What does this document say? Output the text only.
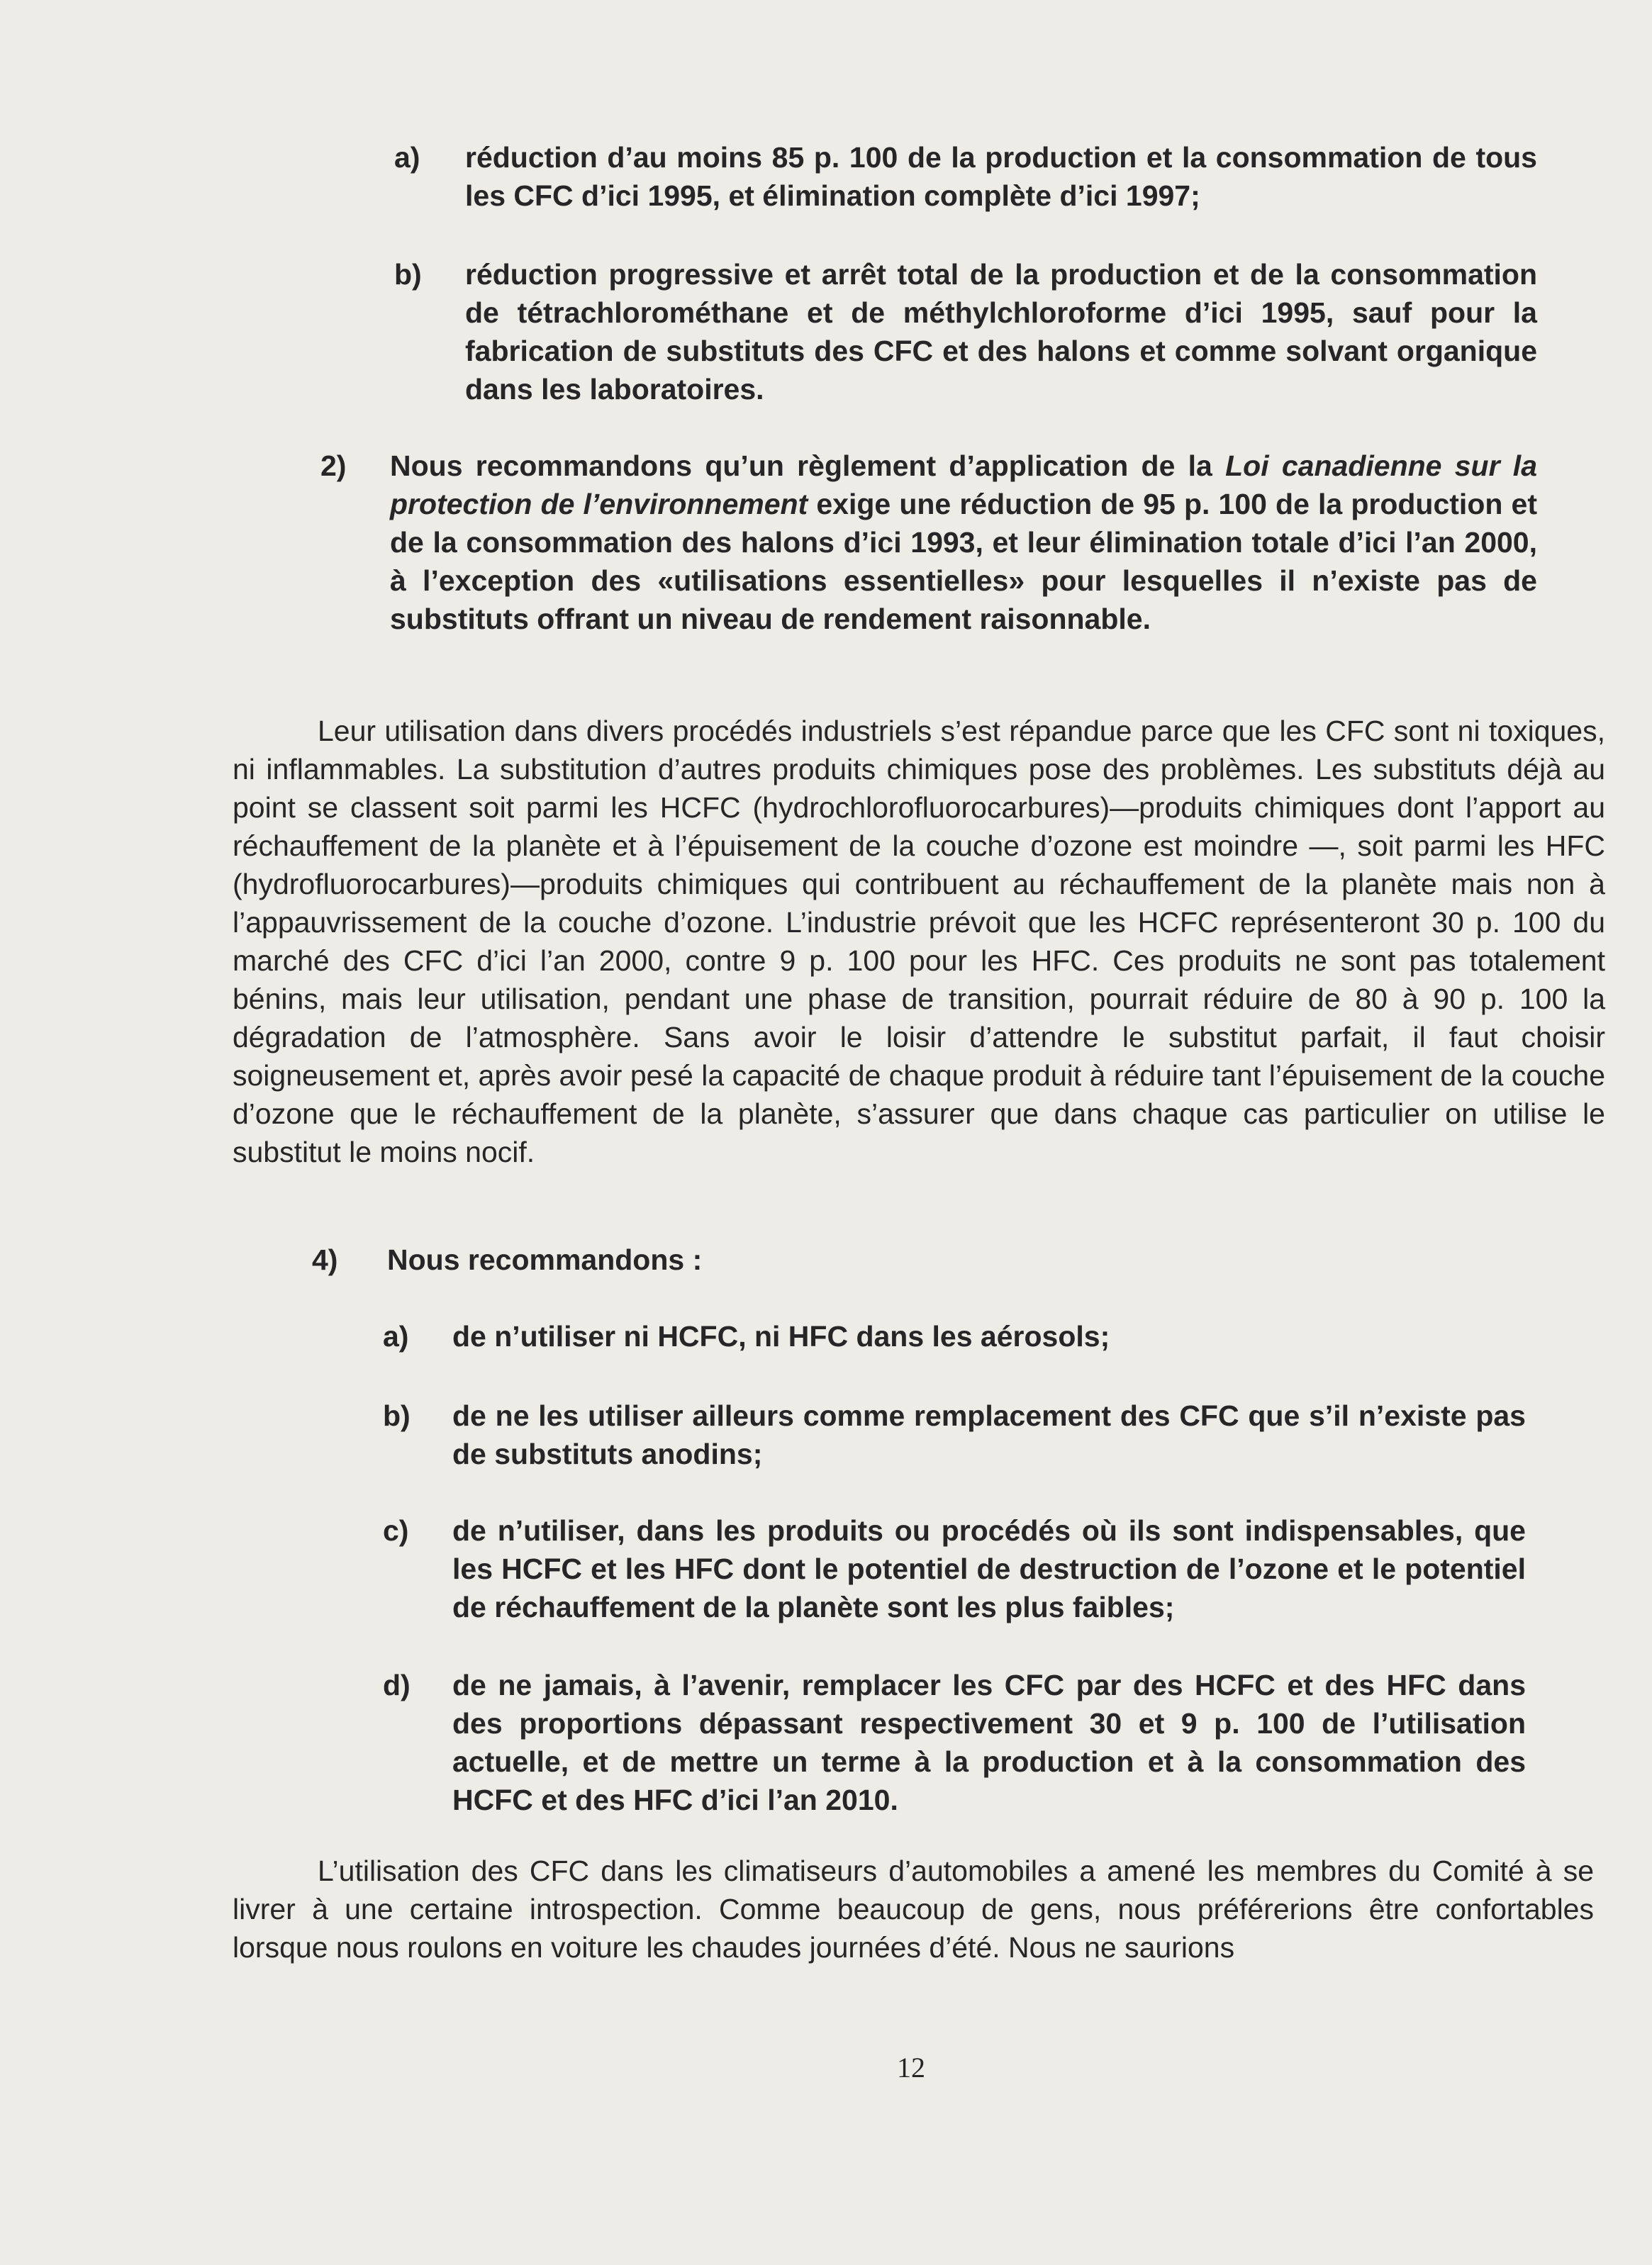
a) réduction d’au moins 85 p. 100 de la production et la consommation de tous les CFC d’ici 1995, et élimination complète d’ici 1997;
b) réduction progressive et arrêt total de la production et de la consommation de tétrachlorométhane et de méthylchloroforme d’ici 1995, sauf pour la fabrication de substituts des CFC et des halons et comme solvant organique dans les laboratoires.
2) Nous recommandons qu’un règlement d’application de la Loi canadienne sur la protection de l’environnement exige une réduction de 95 p. 100 de la production et de la consommation des halons d’ici 1993, et leur élimination totale d’ici l’an 2000, à l’exception des «utilisations essentielles» pour lesquelles il n’existe pas de substituts offrant un niveau de rendement raisonnable.
Leur utilisation dans divers procédés industriels s’est répandue parce que les CFC sont ni toxiques, ni inflammables. La substitution d’autres produits chimiques pose des problèmes. Les substituts déjà au point se classent soit parmi les HCFC (hydrochlorofluorocarbures)—produits chimiques dont l’apport au réchauffement de la planète et à l’épuisement de la couche d’ozone est moindre —, soit parmi les HFC (hydrofluorocarbures)—produits chimiques qui contribuent au réchauffement de la planète mais non à l’appauvrissement de la couche d’ozone. L’industrie prévoit que les HCFC représenteront 30 p. 100 du marché des CFC d’ici l’an 2000, contre 9 p. 100 pour les HFC. Ces produits ne sont pas totalement bénins, mais leur utilisation, pendant une phase de transition, pourrait réduire de 80 à 90 p. 100 la dégradation de l’atmosphère. Sans avoir le loisir d’attendre le substitut parfait, il faut choisir soigneusement et, après avoir pesé la capacité de chaque produit à réduire tant l’épuisement de la couche d’ozone que le réchauffement de la planète, s’assurer que dans chaque cas particulier on utilise le substitut le moins nocif.
4) Nous recommandons :
a) de n’utiliser ni HCFC, ni HFC dans les aérosols;
b) de ne les utiliser ailleurs comme remplacement des CFC que s’il n’existe pas de substituts anodins;
c) de n’utiliser, dans les produits ou procédés où ils sont indispensables, que les HCFC et les HFC dont le potentiel de destruction de l’ozone et le potentiel de réchauffement de la planète sont les plus faibles;
d) de ne jamais, à l’avenir, remplacer les CFC par des HCFC et des HFC dans des proportions dépassant respectivement 30 et 9 p. 100 de l’utilisation actuelle, et de mettre un terme à la production et à la consommation des HCFC et des HFC d’ici l’an 2010.
L’utilisation des CFC dans les climatiseurs d’automobiles a amené les membres du Comité à se livrer à une certaine introspection. Comme beaucoup de gens, nous préférerions être confortables lorsque nous roulons en voiture les chaudes journées d’été. Nous ne saurions
12
